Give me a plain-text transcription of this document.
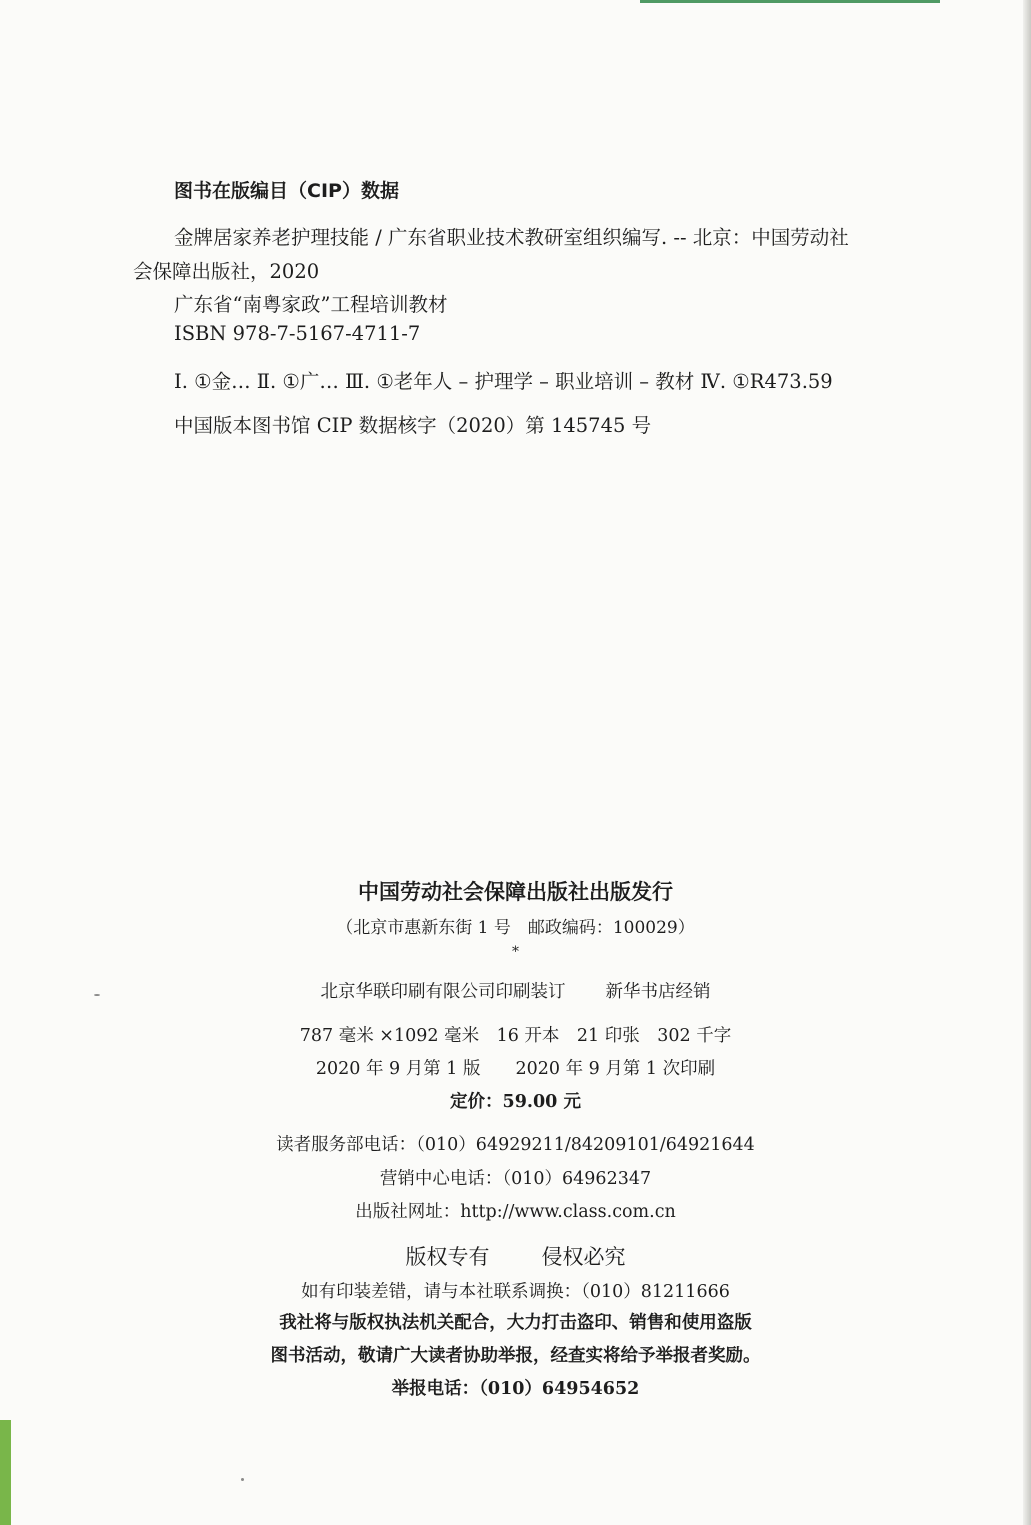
图书在版编目（CIP）数据
金牌居家养老护理技能 / 广东省职业技术教研室组织编写. -- 北京：中国劳动社
会保障出版社，2020
广东省“南粤家政”工程培训教材
ISBN 978-7-5167-4711-7
Ⅰ. ①金… Ⅱ. ①广… Ⅲ. ①老年人 – 护理学 – 职业培训 – 教材 Ⅳ. ①R473.59
中国版本图书馆 CIP 数据核字（2020）第 145745 号
中国劳动社会保障出版社出版发行
（北京市惠新东街 1 号　邮政编码：100029）
*
北京华联印刷有限公司印刷装订 新华书店经销
787 毫米 ×1092 毫米　16 开本　21 印张　302 千字
2020 年 9 月第 1 版　　2020 年 9 月第 1 次印刷
定价：59.00 元
读者服务部电话：（010）64929211/84209101/64921644
营销中心电话：（010）64962347
出版社网址：http://www.class.com.cn
版权专有 侵权必究
如有印装差错，请与本社联系调换：（010）81211666
我社将与版权执法机关配合，大力打击盗印、销售和使用盗版
图书活动，敬请广大读者协助举报，经查实将给予举报者奖励。
举报电话：（010）64954652
